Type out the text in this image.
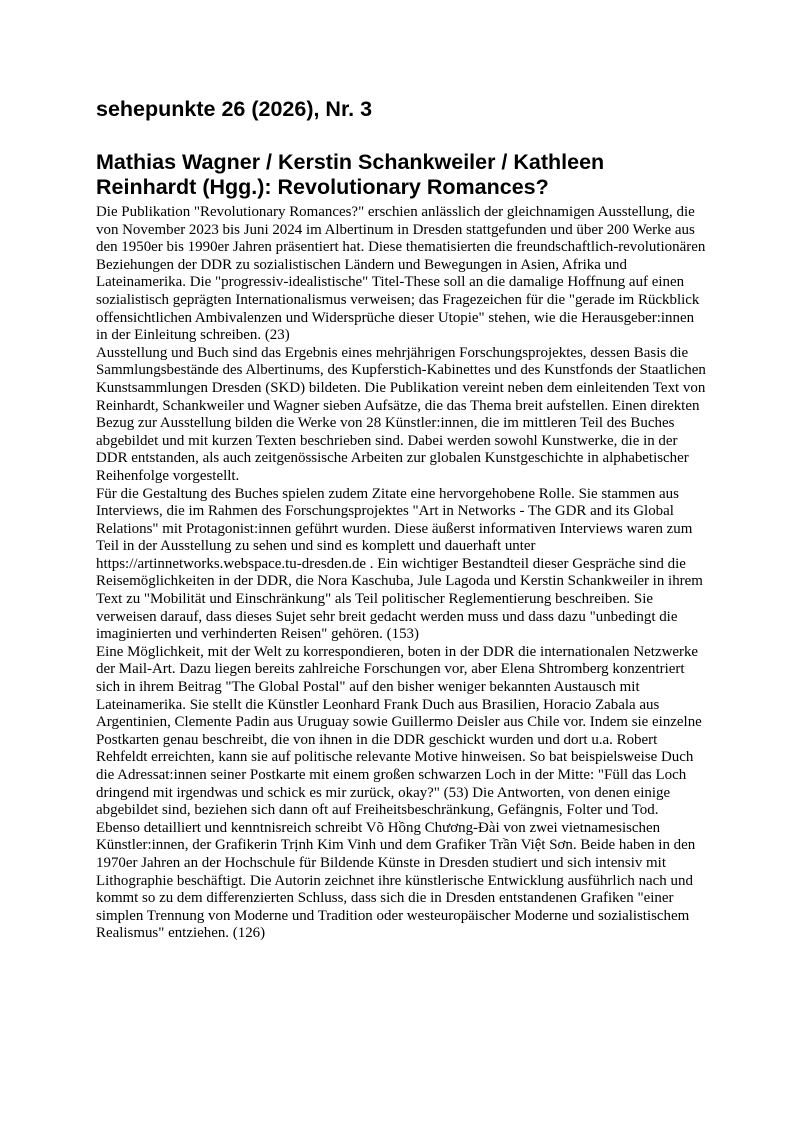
sehepunkte 26 (2026), Nr. 3
Mathias Wagner / Kerstin Schankweiler / Kathleen Reinhardt (Hgg.): Revolutionary Romances?

Die Publikation "Revolutionary Romances?" erschien anlässlich der gleichnamigen Ausstellung, die von November 2023 bis Juni 2024 im Albertinum in Dresden stattgefunden und über 200 Werke aus den 1950er bis 1990er Jahren präsentiert hat. Diese thematisierten die freundschaftlich-revolutionären Beziehungen der DDR zu sozialistischen Ländern und Bewegungen in Asien, Afrika und Lateinamerika. Die "progressiv-idealistische" Titel-These soll an die damalige Hoffnung auf einen sozialistisch geprägten Internationalismus verweisen; das Fragezeichen für die "gerade im Rückblick offensichtlichen Ambivalenzen und Widersprüche dieser Utopie" stehen, wie die Herausgeber:innen in der Einleitung schreiben. (23)

Ausstellung und Buch sind das Ergebnis eines mehrjährigen Forschungsprojektes, dessen Basis die Sammlungsbestände des Albertinums, des Kupferstich-Kabinettes und des Kunstfonds der Staatlichen Kunstsammlungen Dresden (SKD) bildeten. Die Publikation vereint neben dem einleitenden Text von Reinhardt, Schankweiler und Wagner sieben Aufsätze, die das Thema breit aufstellen. Einen direkten Bezug zur Ausstellung bilden die Werke von 28 Künstler:innen, die im mittleren Teil des Buches abgebildet und mit kurzen Texten beschrieben sind. Dabei werden sowohl Kunstwerke, die in der DDR entstanden, als auch zeitgenössische Arbeiten zur globalen Kunstgeschichte in alphabetischer Reihenfolge vorgestellt.

Für die Gestaltung des Buches spielen zudem Zitate eine hervorgehobene Rolle. Sie stammen aus Interviews, die im Rahmen des Forschungsprojektes "Art in Networks - The GDR and its Global Relations" mit Protagonist:innen geführt wurden. Diese äußerst informativen Interviews waren zum Teil in der Ausstellung zu sehen und sind es komplett und dauerhaft unter https://artinnetworks.webspace.tu-dresden.de . Ein wichtiger Bestandteil dieser Gespräche sind die Reisemöglichkeiten in der DDR, die Nora Kaschuba, Jule Lagoda und Kerstin Schankweiler in ihrem Text zu "Mobilität und Einschränkung" als Teil politischer Reglementierung beschreiben. Sie verweisen darauf, dass dieses Sujet sehr breit gedacht werden muss und dass dazu "unbedingt die imaginierten und verhinderten Reisen" gehören. (153)

Eine Möglichkeit, mit der Welt zu korrespondieren, boten in der DDR die internationalen Netzwerke der Mail-Art. Dazu liegen bereits zahlreiche Forschungen vor, aber Elena Shtromberg konzentriert sich in ihrem Beitrag "The Global Postal" auf den bisher weniger bekannten Austausch mit Lateinamerika. Sie stellt die Künstler Leonhard Frank Duch aus Brasilien, Horacio Zabala aus Argentinien, Clemente Padin aus Uruguay sowie Guillermo Deisler aus Chile vor. Indem sie einzelne Postkarten genau beschreibt, die von ihnen in die DDR geschickt wurden und dort u.a. Robert Rehfeldt erreichten, kann sie auf politische relevante Motive hinweisen. So bat beispielsweise Duch die Adressat:innen seiner Postkarte mit einem großen schwarzen Loch in der Mitte: "Füll das Loch dringend mit irgendwas und schick es mir zurück, okay?" (53) Die Antworten, von denen einige abgebildet sind, beziehen sich dann oft auf Freiheitsbeschränkung, Gefängnis, Folter und Tod.

Ebenso detailliert und kenntnisreich schreibt Võ Hồng Chương-Đài von zwei vietnamesischen Künstler:innen, der Grafikerin Trịnh Kim Vinh und dem Grafiker Trần Việt Sơn. Beide haben in den 1970er Jahren an der Hochschule für Bildende Künste in Dresden studiert und sich intensiv mit Lithographie beschäftigt. Die Autorin zeichnet ihre künstlerische Entwicklung ausführlich nach und kommt so zu dem differenzierten Schluss, dass sich die in Dresden entstandenen Grafiken "einer simplen Trennung von Moderne und Tradition oder westeuropäischer Moderne und sozialistischem Realismus" entziehen. (126)
